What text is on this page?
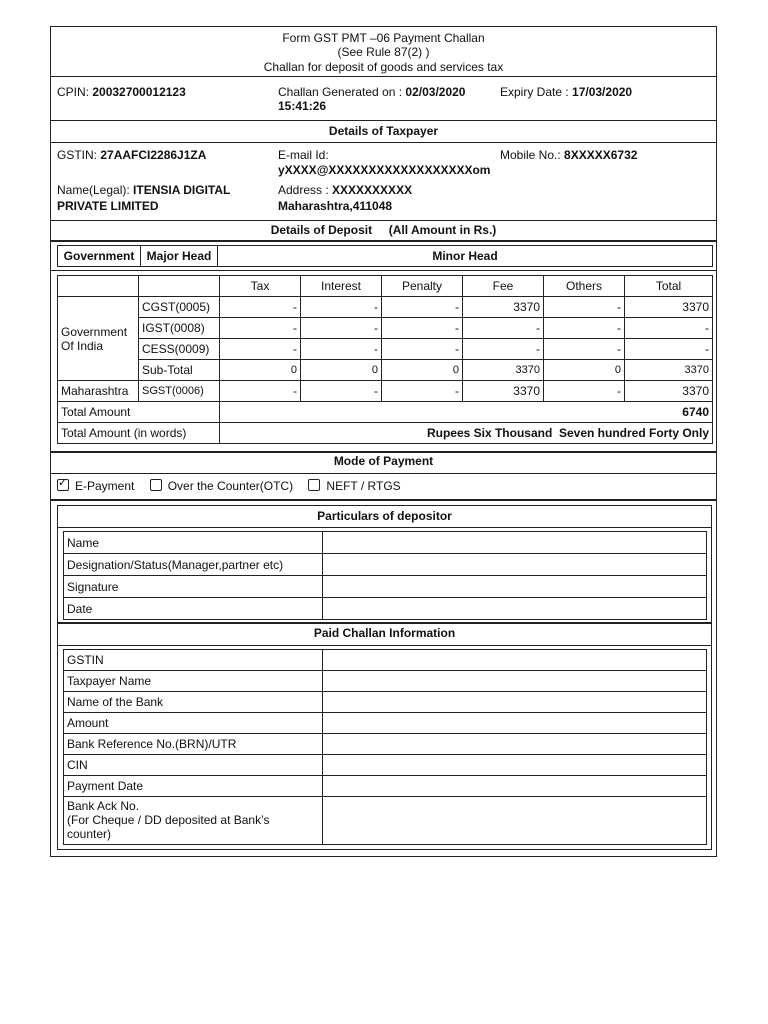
Form GST PMT –06 Payment Challan
(See Rule 87(2) )
Challan for deposit of goods and services tax
CPIN: 20032700012123	Challan Generated on : 02/03/2020
15:41:26
Expiry Date : 17/03/2020
Details of Taxpayer
GSTIN: 27AAFCI2286J1ZA	E-mail Id:
yXXXX@XXXXXXXXXXXXXXXXXXom
Mobile No.: 8XXXXX6732
Name(Legal): ITENSIA DIGITAL
PRIVATE LIMITED
Address : XXXXXXXXXX
Maharashtra,411048
Details of Deposit     (All Amount in Rs.)
Government	Major Head	Minor Head
		Tax	Interest	Penalty	Fee	Others	Total
Government
Of India	CGST(0005)	-	-	-	3370	-	3370
	IGST(0008)	-	-	-	-	-	-
	CESS(0009)	-	-	-	-	-	-
	Sub-Total	0	0	0	3370	0	3370
Maharashtra	SGST(0006)	-	-	-	3370	-	3370
Total Amount		6740					
Total Amount (in words)		Rupees Six Thousand  Seven hundred Forty Only					
Mode of Payment
✓ E-Payment	Over the Counter(OTC)	NEFT / RTGS
Particulars of depositor
Name	
Designation/Status(Manager,partner etc)	
Signature	
Date	
Paid Challan Information
GSTIN	
Taxpayer Name	
Name of the Bank	
Amount	
Bank Reference No.(BRN)/UTR	
CIN	
Payment Date	
Bank Ack No.
(For Cheque / DD deposited at Bank’s
counter)	
